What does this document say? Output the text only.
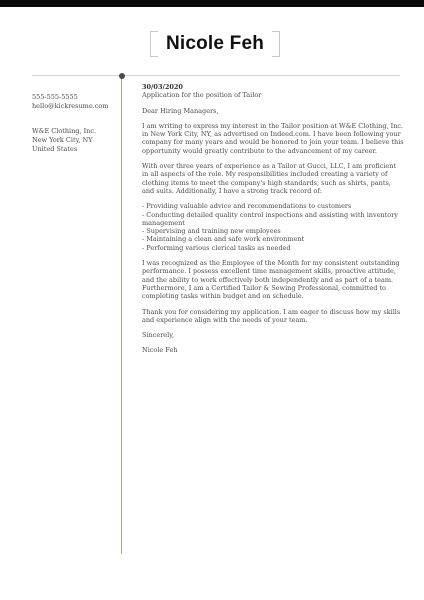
Nicole Feh
555-555-5555
hello@kickresume.com
W&E Clothing, Inc.
New York City, NY
United States

30/03/2020

Application for the position of Tailor

Dear Hiring Managers,

I am writing to express my interest in the Tailor position at W&E Clothing, Inc. in New York City, NY, as advertised on Indeed.com. I have been following your company for many years and would be honored to join your team. I believe this opportunity would greatly contribute to the advancement of my career.

With over three years of experience as a Tailor at Gucci, LLC, I am proficient in all aspects of the role. My responsibilities included creating a variety of clothing items to meet the company's high standards, such as shirts, pants, and suits. Additionally, I have a strong track record of:

- Providing valuable advice and recommendations to customers
- Conducting detailed quality control inspections and assisting with inventory management
- Supervising and training new employees
- Maintaining a clean and safe work environment
- Performing various clerical tasks as needed

I was recognized as the Employee of the Month for my consistent outstanding performance. I possess excellent time management skills, proactive attitude, and the ability to work effectively both independently and as part of a team. Furthermore, I am a Certified Tailor & Sewing Professional, committed to completing tasks within budget and on schedule.

Thank you for considering my application. I am eager to discuss how my skills and experience align with the needs of your team.

Sincerely,

Nicole Feh
